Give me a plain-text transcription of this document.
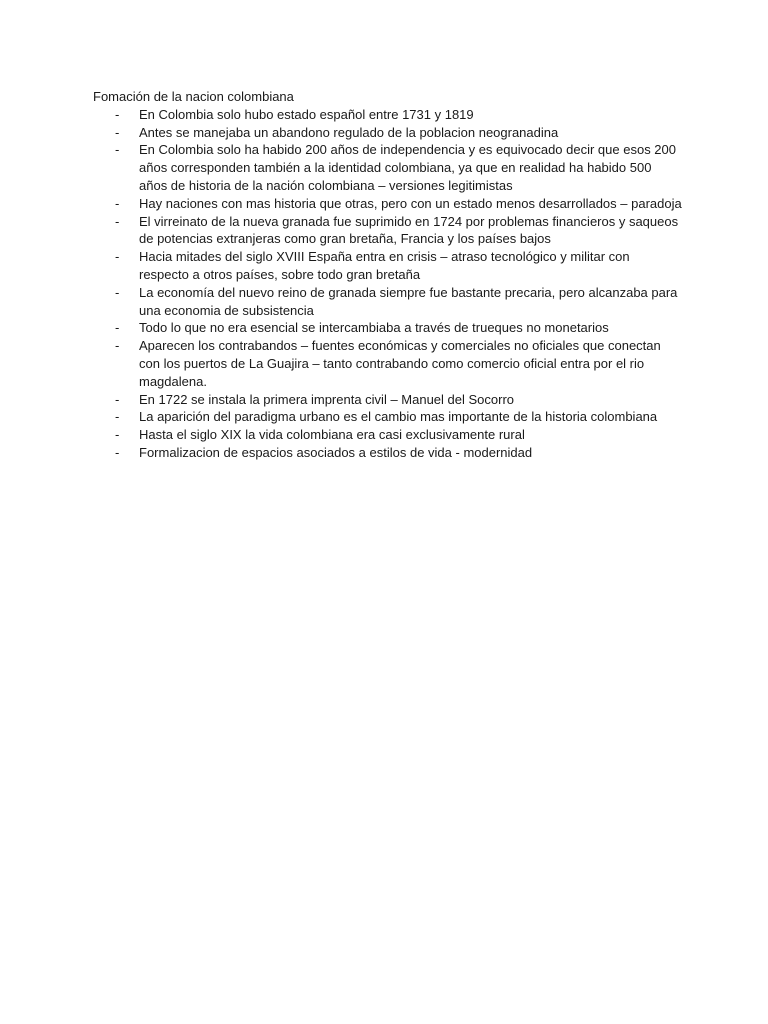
Fomación de la nacion colombiana

- En Colombia solo hubo estado español entre 1731 y 1819
- Antes se manejaba un abandono regulado de la poblacion neogranadina
- En Colombia solo ha habido 200 años de independencia y es equivocado decir que esos 200 años corresponden también a la identidad colombiana, ya que en realidad ha habido 500 años de historia de la nación colombiana – versiones legitimistas
- Hay naciones con mas historia que otras, pero con un estado menos desarrollados – paradoja
- El virreinato de la nueva granada fue suprimido en 1724 por problemas financieros y saqueos de potencias extranjeras como gran bretaña, Francia y los países bajos
- Hacia mitades del siglo XVIII España entra en crisis – atraso tecnológico y militar con respecto a otros países, sobre todo gran bretaña
- La economía del nuevo reino de granada siempre fue bastante precaria, pero alcanzaba para una economia de subsistencia
- Todo lo que no era esencial se intercambiaba a través de trueques no monetarios
- Aparecen los contrabandos – fuentes económicas y comerciales no oficiales que conectan con los puertos de La Guajira – tanto contrabando como comercio oficial entra por el rio magdalena.
- En 1722 se instala la primera imprenta civil – Manuel del Socorro
- La aparición del paradigma urbano es el cambio mas importante de la historia colombiana
- Hasta el siglo XIX la vida colombiana era casi exclusivamente rural
- Formalizacion de espacios asociados a estilos de vida - modernidad
